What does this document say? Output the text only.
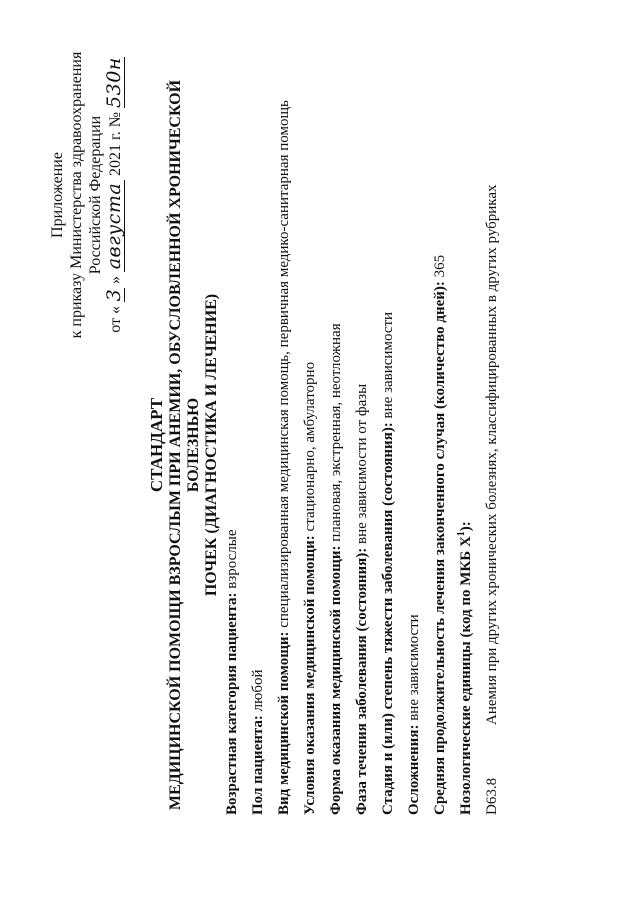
Приложение к приказу Министерства здравоохранения Российской Федерации
от « 3 » августа 2021 г. № 530н
СТАНДАРТ МЕДИЦИНСКОЙ ПОМОЩИ ВЗРОСЛЫМ ПРИ АНЕМИИ, ОБУСЛОВЛЕННОЙ ХРОНИЧЕСКОЙ БОЛЕЗНЬЮ ПОЧЕК (ДИАГНОСТИКА И ЛЕЧЕНИЕ)
Возрастная категория пациента: взрослые
Пол пациента: любой Вид медицинской помощи: специализированная медицинская помощь, первичная медико-санитарная помощь
Условия оказания медицинской помощи: стационарно, амбулаторно
Форма оказания медицинской помощи: плановая, экстренная, неотложная
Фаза течения заболевания (состояния): вне зависимости от фазы Стадия и (или) степень тяжести заболевания (состояния): вне зависимости
Осложнения: вне зависимости Средняя продолжительность лечения законченного случая (количество дней): 365
Нозологические единицы (код по МКБ $X^1$):
D63.8
Анемия при других хронических болезнях, классифицированных в других рубриках
